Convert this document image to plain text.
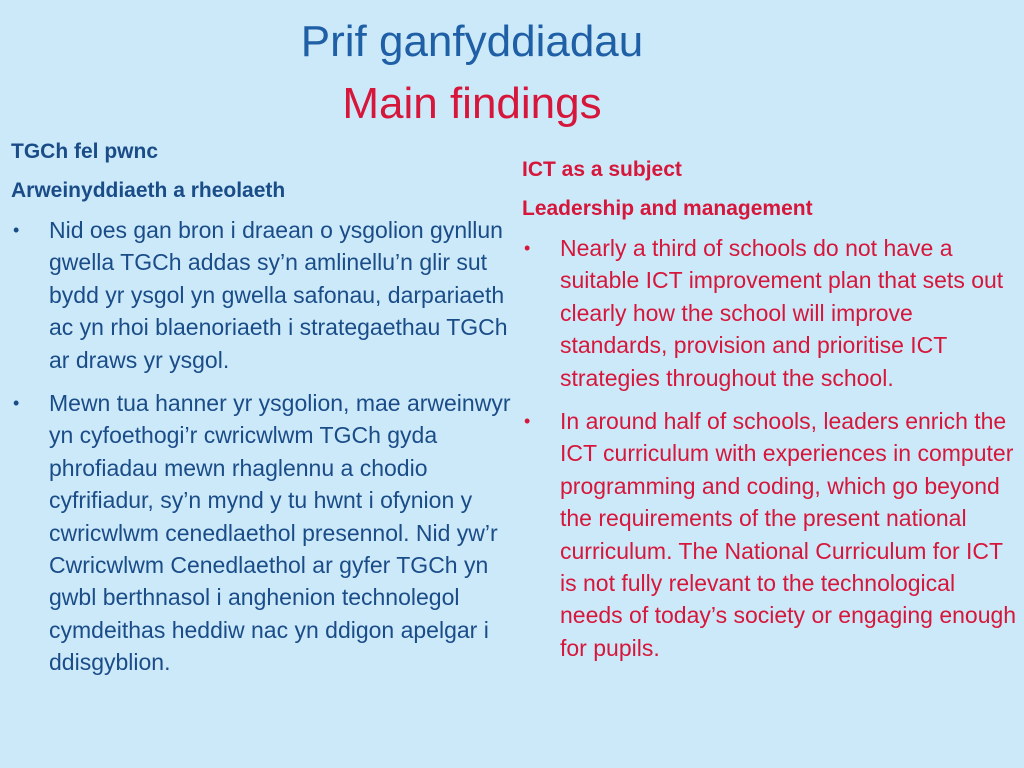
Prif ganfyddiadau
Main findings

TGCh fel pwnc

Arweinyddiaeth a rheolaeth

• Nid oes gan bron i draean o ysgolion gynllun gwella TGCh addas sy’n amlinellu’n glir sut bydd yr ysgol yn gwella safonau, darpariaeth ac yn rhoi blaenoriaeth i strategaethau TGCh ar draws yr ysgol.
• Mewn tua hanner yr ysgolion, mae arweinwyr yn cyfoethogi’r cwricwlwm TGCh gyda phrofiadau mewn rhaglennu a chodio cyfrifiadur, sy’n mynd y tu hwnt i ofynion y cwricwlwm cenedlaethol presennol. Nid yw’r Cwricwlwm Cenedlaethol ar gyfer TGCh yn gwbl berthnasol i anghenion technolegol cymdeithas heddiw nac yn ddigon apelgar i ddisgyblion.

ICT as a subject

Leadership and management

• Nearly a third of schools do not have a suitable ICT improvement plan that sets out clearly how the school will improve standards, provision and prioritise ICT strategies throughout the school.
• In around half of schools, leaders enrich the ICT curriculum with experiences in computer programming and coding, which go beyond the requirements of the present national curriculum. The National Curriculum for ICT is not fully relevant to the technological needs of today’s society or engaging enough for pupils.
